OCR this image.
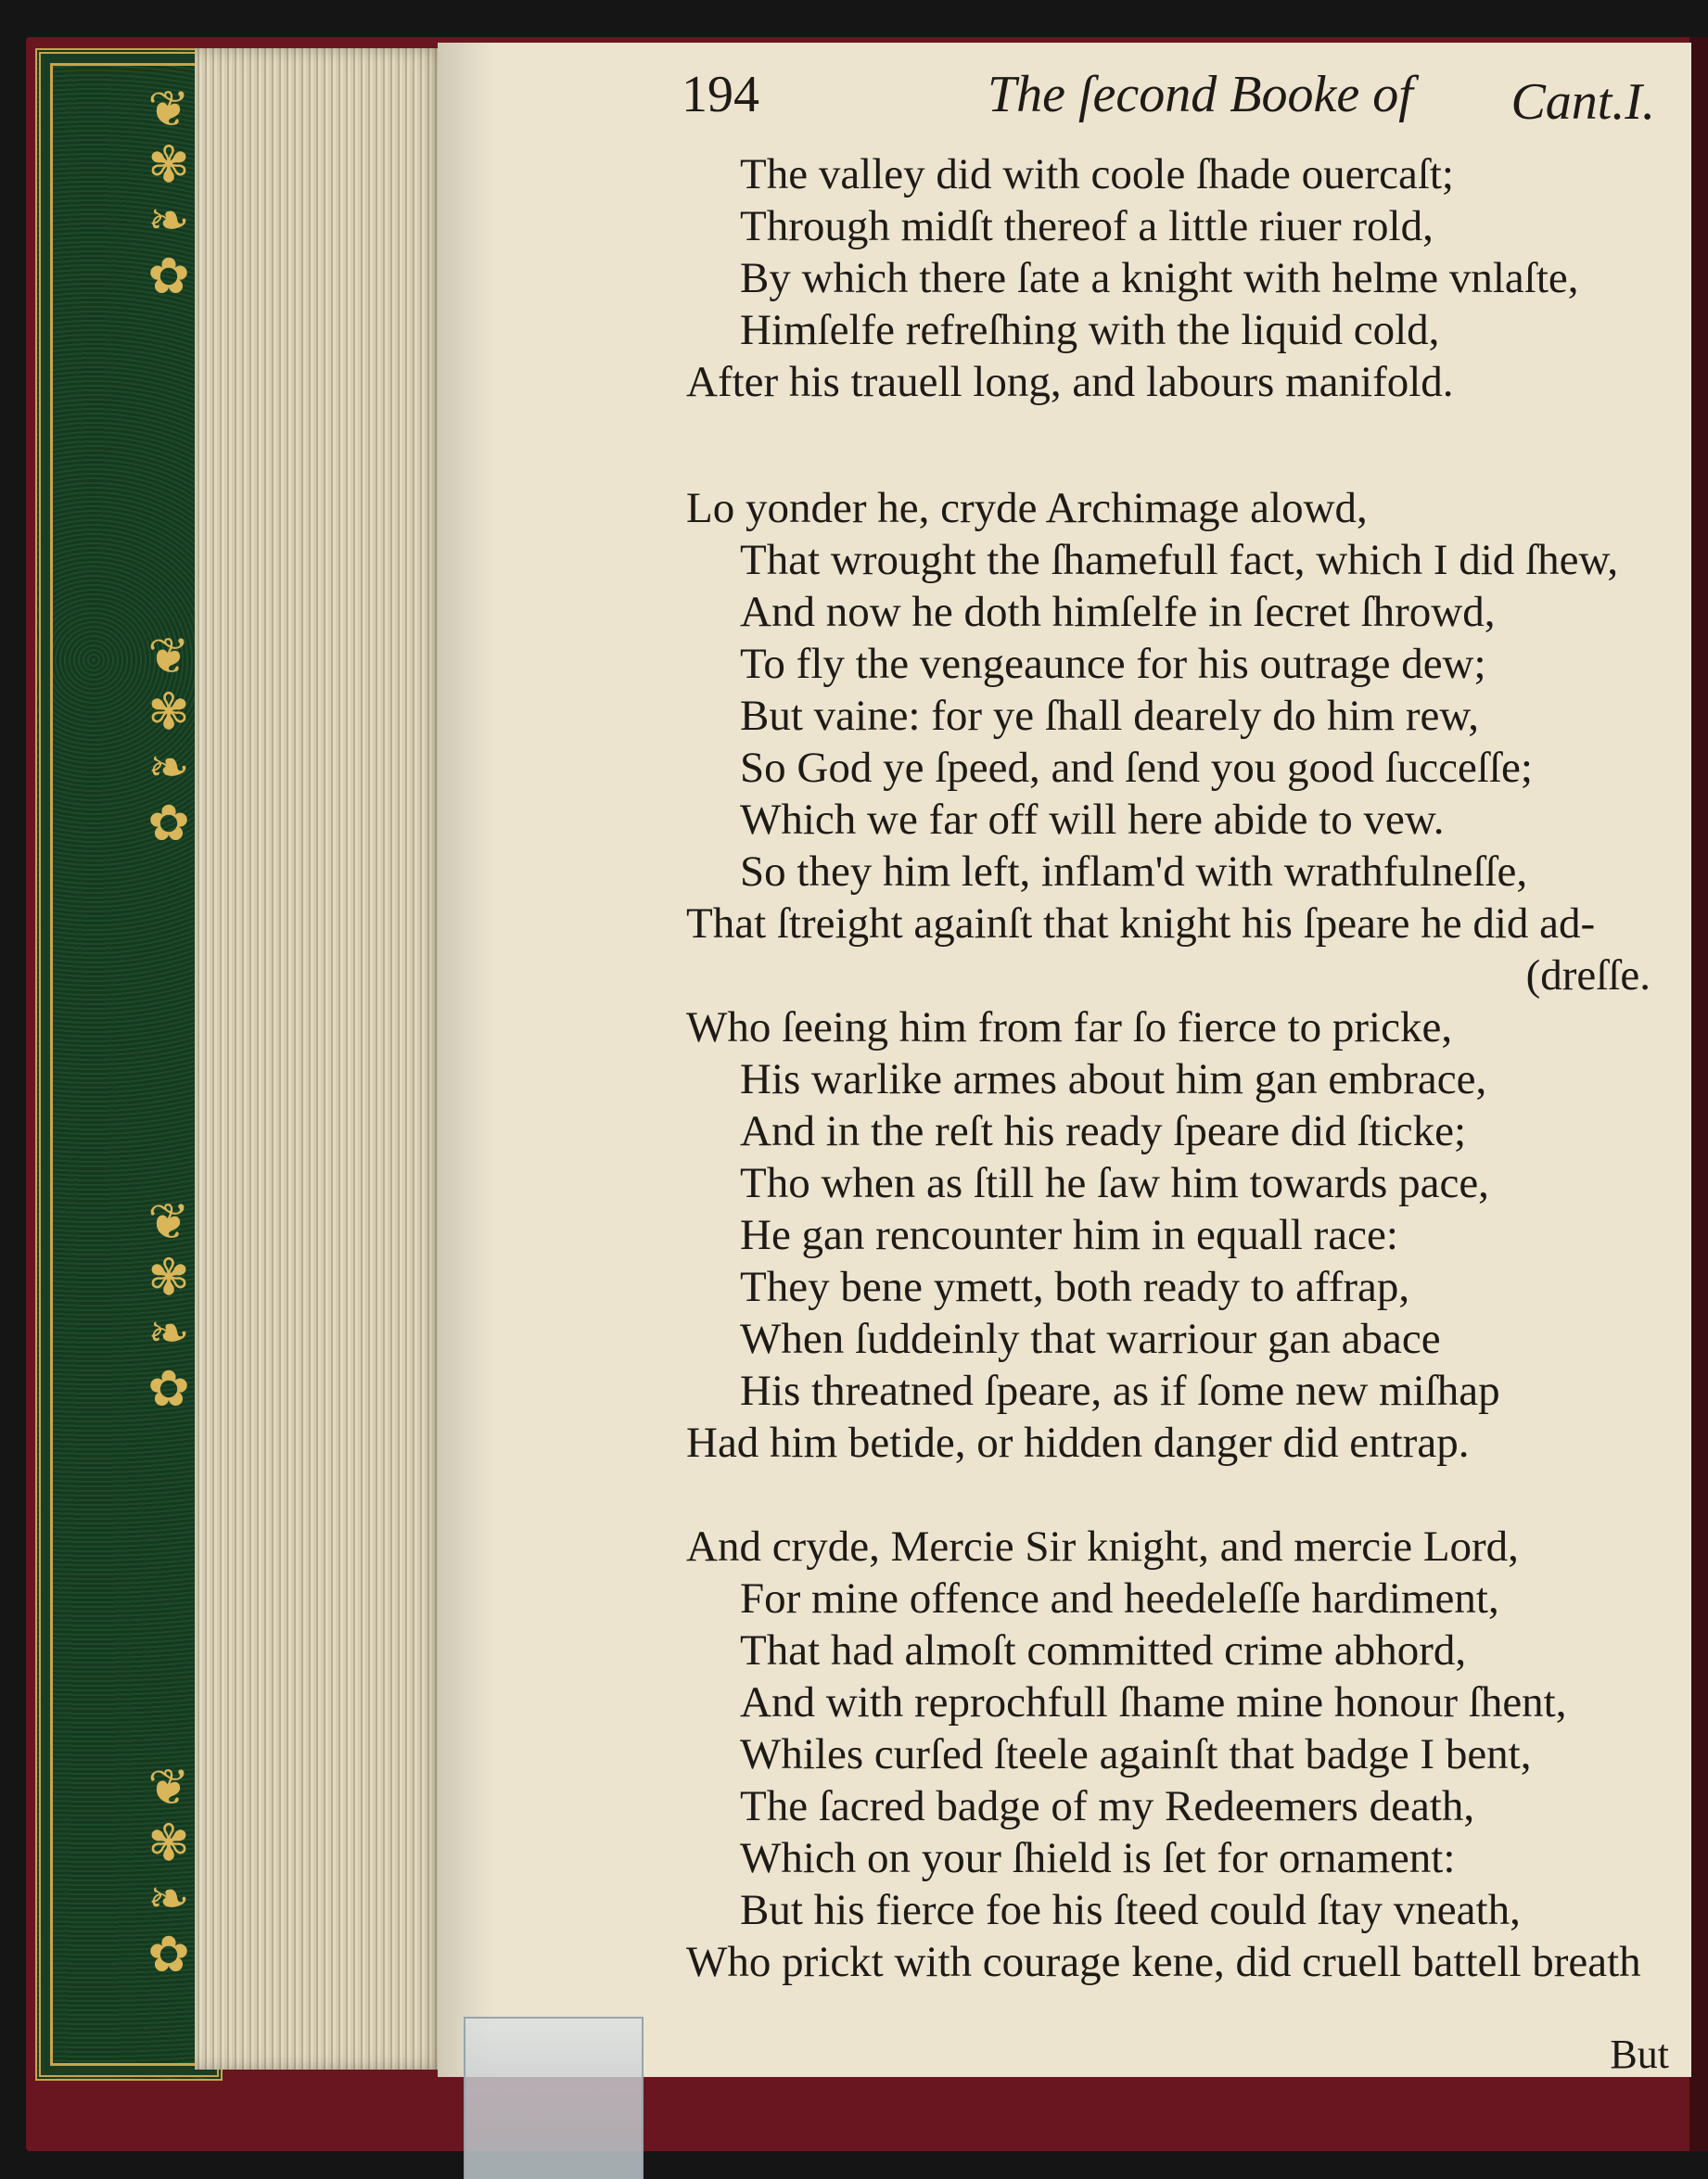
❦
✾
❧
✿
❦
✾
❧
✿
❦
✾
❧
✿
❦
✾
❧
✿
194	The ſecond Booke of Cant.I.
The valley did with coole ſhade ouercaſt;
Through midſt thereof a little riuer rold,
By which there ſate a knight with helme vnlaſte,
Himſelfe refreſhing with the liquid cold,
After his trauell long, and labours manifold.
Lo yonder he, cryde Archimage alowd,
That wrought the ſhamefull fact, which I did ſhew,
And now he doth himſelfe in ſecret ſhrowd,
To fly the vengeaunce for his outrage dew;
But vaine: for ye ſhall dearely do him rew,
So God ye ſpeed, and ſend you good ſucceſſe;
Which we far off will here abide to vew.
So they him left, inflam'd with wrathfulneſſe,
That ſtreight againſt that knight his ſpeare he did ad-
(dreſſe.
Who ſeeing him from far ſo fierce to pricke,
His warlike armes about him gan embrace,
And in the reſt his ready ſpeare did ſticke;
Tho when as ſtill he ſaw him towards pace,
He gan rencounter him in equall race:
They bene ymett, both ready to affrap,
When ſuddeinly that warriour gan abace
His threatned ſpeare, as if ſome new miſhap
Had him betide, or hidden danger did entrap.
And cryde, Mercie Sir knight, and mercie Lord,
For mine offence and heedeleſſe hardiment,
That had almoſt committed crime abhord,
And with reprochfull ſhame mine honour ſhent,
Whiles curſed ſteele againſt that badge I bent,
The ſacred badge of my Redeemers death,
Which on your ſhield is ſet for ornament:
But his fierce foe his ſteed could ſtay vneath,
Who prickt with courage kene, did cruell battell breath
But
